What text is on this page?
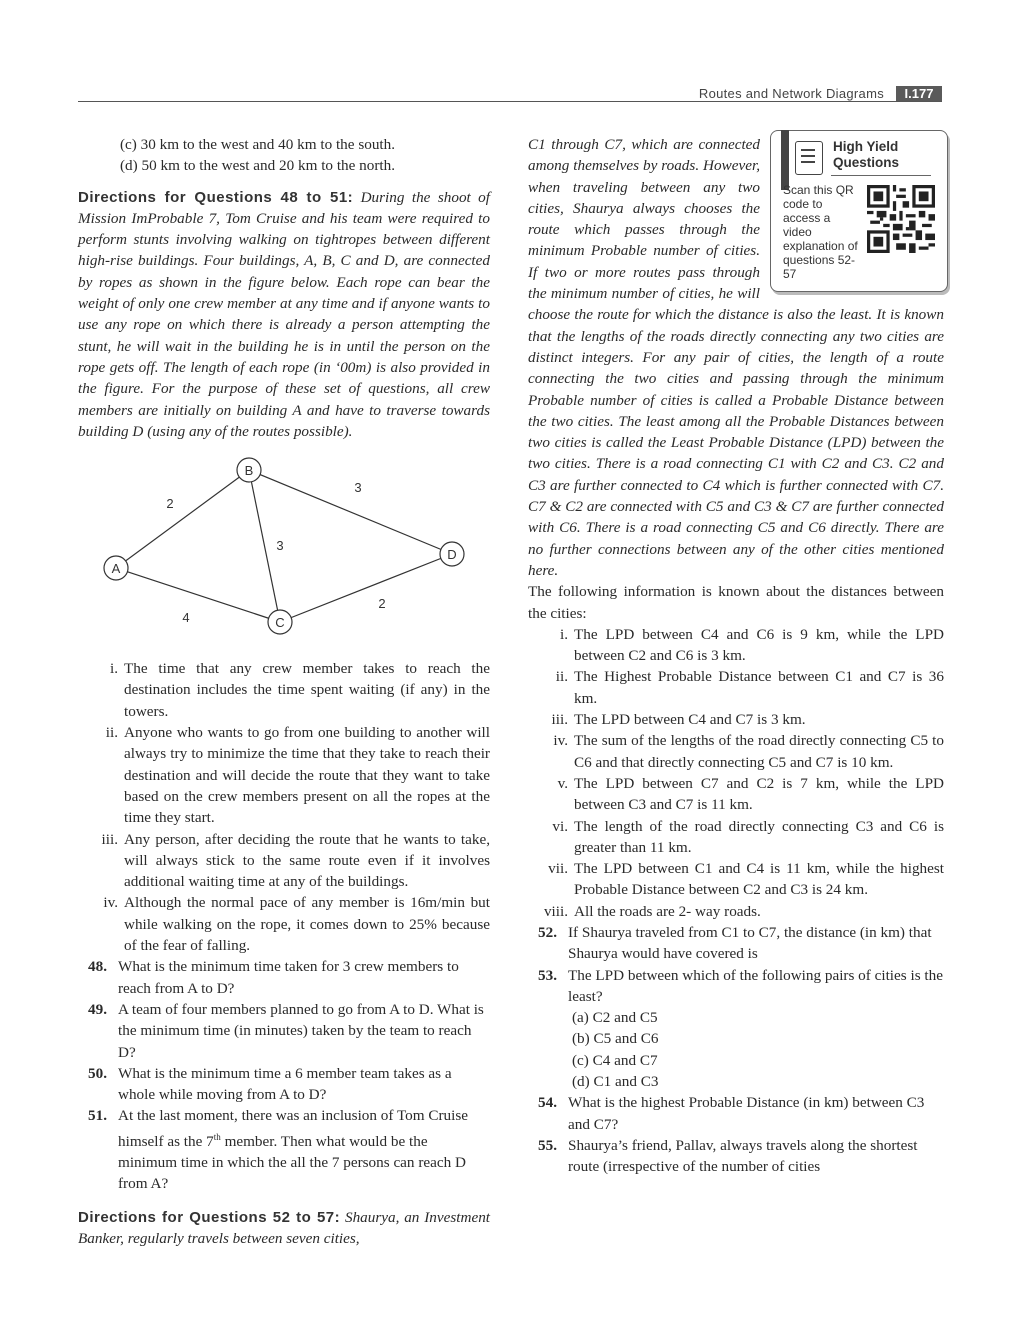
Routes and Network Diagrams	I.177
(c) 30 km to the west and 40 km to the south.
(d) 50 km to the west and 20 km to the north.

Directions for Questions 48 to 51: During the shoot of Mission ImProbable 7, Tom Cruise and his team were required to perform stunts involving walking on tightropes between different high-rise buildings. Four buildings, A, B, C and D, are connected by ropes as shown in the figure below. Each rope can bear the weight of only one crew member at any time and if anyone wants to use any rope on which there is already a person attempting the stunt, he will wait in the building he is in until the person on the rope gets off. The length of each rope (in ‘00m) is also provided in the figure. For the purpose of these set of questions, all crew members are initially on building A and have to traverse towards building D (using any of the routes possible).

A
B
C
D
2
3
3
4
2
i. The time that any crew member takes to reach the destination includes the time spent waiting (if any) in the towers.
ii. Anyone who wants to go from one building to another will always try to minimize the time that they take to reach their destination and will decide the route that they want to take based on the crew members present on all the ropes at the time they start.
iii. Any person, after deciding the route that he wants to take, will always stick to the same route even if it involves additional waiting time at any of the buildings.
iv. Although the normal pace of any member is 16m/min but while walking on the rope, it comes down to 25% because of the fear of falling.
48. What is the minimum time taken for 3 crew members to reach from A to D?
49. A team of four members planned to go from A to D. What is the minimum time (in minutes) taken by the team to reach D?
50. What is the minimum time a 6 member team takes as a whole while moving from A to D?
51. At the last moment, there was an inclusion of Tom Cruise himself as the 7th member. Then what would be the minimum time in which the all the 7 persons can reach D from A?

Directions for Questions 52 to 57: Shaurya, an Investment Banker, regularly travels between seven cities,

High Yield
Questions
Scan this QR code to access a video explanation of questions 52-57

C1 through C7, which are connected among themselves by roads. However, when traveling between any two cities, Shaurya always chooses the route which passes through the minimum Probable number of cities. If two or more routes pass through the minimum number of cities, he will choose the route for which the distance is also the least. It is known that the lengths of the roads directly connecting any two cities are distinct integers. For any pair of cities, the length of a route connecting the two cities and passing through the minimum Probable number of cities is called a Probable Distance between the two cities. The least among all the Probable Distances between two cities is called the Least Probable Distance (LPD) between the two cities. There is a road connecting C1 with C2 and C3. C2 and C3 are further connected to C4 which is further connected with C7. C7 & C2 are connected with C5 and C3 & C7 are further connected with C6. There is a road connecting C5 and C6 directly. There are no further connections between any of the other cities mentioned here.

The following information is known about the distances between the cities:

i. The LPD between C4 and C6 is 9 km, while the LPD between C2 and C6 is 3 km.
ii. The Highest Probable Distance between C1 and C7 is 36 km.
iii. The LPD between C4 and C7 is 3 km.
iv. The sum of the lengths of the road directly connecting C5 to C6 and that directly connecting C5 and C7 is 10 km.
v. The LPD between C7 and C2 is 7 km, while the LPD between C3 and C7 is 11 km.
vi. The length of the road directly connecting C3 and C6 is greater than 11 km.
vii. The LPD between C1 and C4 is 11 km, while the highest Probable Distance between C2 and C3 is 24 km.
viii. All the roads are 2- way roads.
52. If Shaurya traveled from C1 to C7, the distance (in km) that Shaurya would have covered is
53. The LPD between which of the following pairs of cities is the least?
(a) C2 and C5
(b) C5 and C6
(c) C4 and C7
(d) C1 and C3
54. What is the highest Probable Distance (in km) between C3 and C7?
55. Shaurya’s friend, Pallav, always travels along the shortest route (irrespective of the number of cities
